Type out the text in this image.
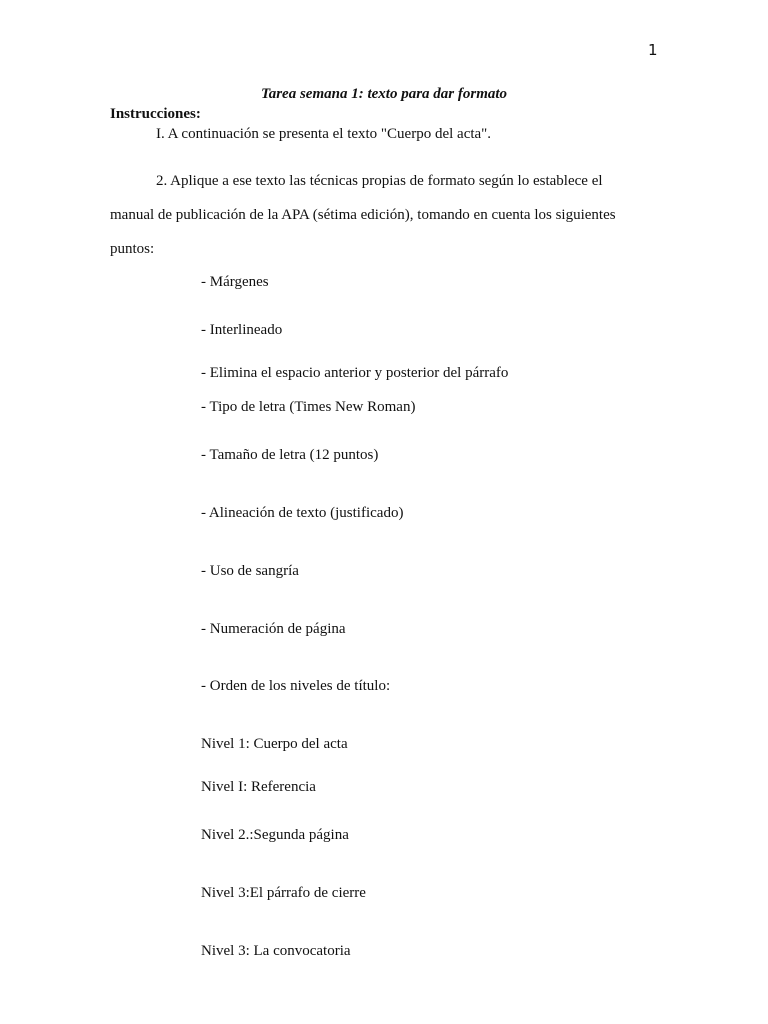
1
Tarea semana 1: texto para dar formato
Instrucciones:
I. A continuación se presenta el texto "Cuerpo del acta".
2. Aplique a ese texto las técnicas propias de formato según lo establece el
manual de publicación de la APA (sétima edición), tomando en cuenta los siguientes
puntos:
- Márgenes
- Interlineado
- Elimina el espacio anterior y posterior del párrafo
- Tipo de letra (Times New Roman)
- Tamaño de letra (12 puntos)
- Alineación de texto (justificado)
- Uso de sangría
- Numeración de página
- Orden de los niveles de título:
Nivel 1: Cuerpo del acta
Nivel I: Referencia
Nivel 2.:Segunda página
Nivel 3:El párrafo de cierre
Nivel 3: La convocatoria
